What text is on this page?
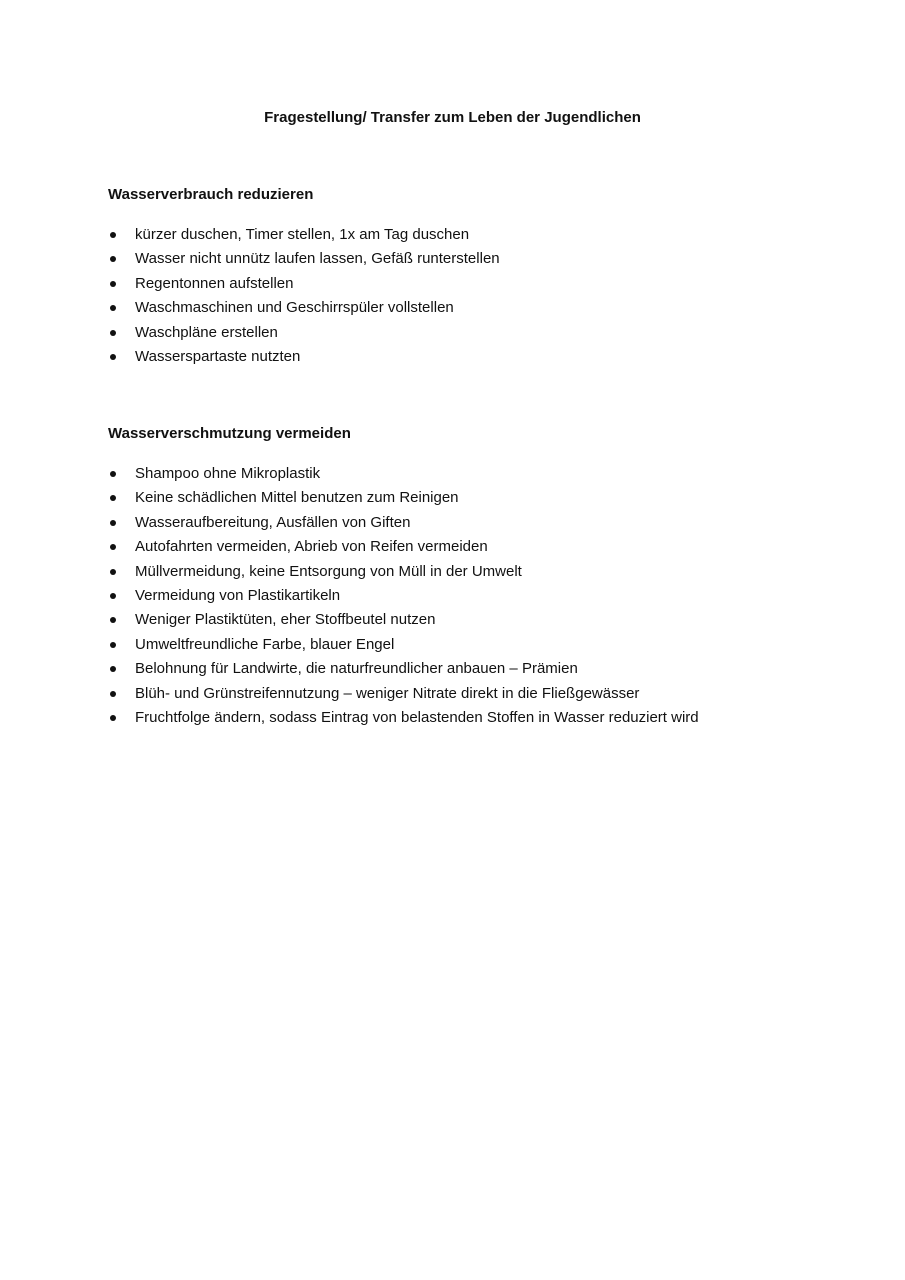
Fragestellung/ Transfer zum Leben der Jugendlichen
Wasserverbrauch reduzieren
kürzer duschen, Timer stellen, 1x am Tag duschen
Wasser nicht unnütz laufen lassen, Gefäß runterstellen
Regentonnen aufstellen
Waschmaschinen und Geschirrspüler vollstellen
Waschpläne erstellen
Wasserspartaste nutzten
Wasserverschmutzung vermeiden
Shampoo ohne Mikroplastik
Keine schädlichen Mittel benutzen zum Reinigen
Wasseraufbereitung, Ausfällen von Giften
Autofahrten vermeiden, Abrieb von Reifen vermeiden
Müllvermeidung, keine Entsorgung von Müll in der Umwelt
Vermeidung von Plastikartikeln
Weniger Plastiktüten, eher Stoffbeutel nutzen
Umweltfreundliche Farbe, blauer Engel
Belohnung für Landwirte, die naturfreundlicher anbauen – Prämien
Blüh- und Grünstreifennutzung – weniger Nitrate direkt in die Fließgewässer
Fruchtfolge ändern, sodass Eintrag von belastenden Stoffen in Wasser reduziert wird
